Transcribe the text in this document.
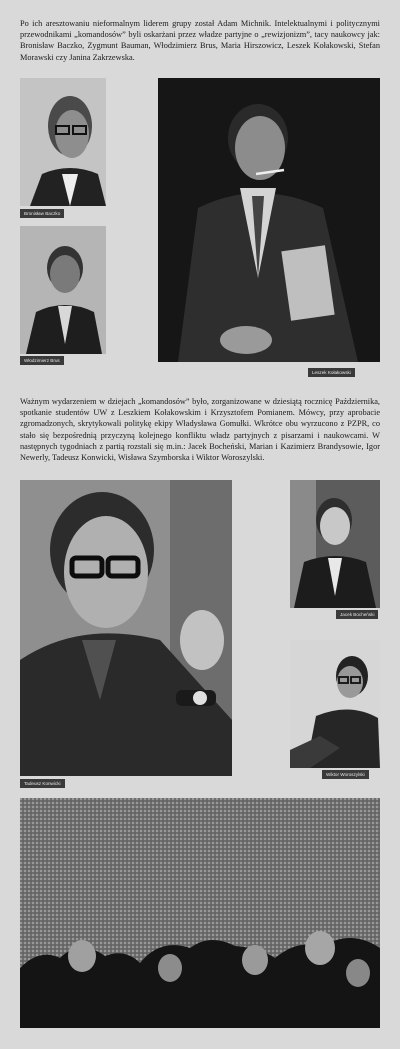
Po ich aresztowaniu nieformalnym liderem grupy został Adam Michnik. Intelektualnymi i politycznymi przewodnikami „komandosów” byli oskarżani przez władze partyjne o „rewizjonizm”, tacy naukowcy jak: Bronisław Baczko, Zygmunt Bauman, Włodzimierz Brus, Maria Hirszowicz, Leszek Kołakowski, Stefan Morawski czy Janina Zakrzewska.

Bronisław Baczko
Włodzimierz Brus
Leszek Kołakowski

Ważnym wydarzeniem w dziejach „komandosów” było, zorganizowane w dziesiątą rocznicę Października, spotkanie studentów UW z Leszkiem Kołakowskim i Krzysztofem Pomianem. Mówcy, przy aprobacie zgromadzonych, skrytykowali politykę ekipy Władysława Gomułki. Wkrótce obu wyrzucono z PZPR, co stało się bezpośrednią przyczyną kolejnego konfliktu władz partyjnych z pisarzami i naukowcami. W następnych tygodniach z partią rozstali się m.in.: Jacek Bocheński, Marian i Kazimierz Brandysowie, Igor Newerly, Tadeusz Konwicki, Wisława Szymborska i Wiktor Woroszylski.

Tadeusz Konwicki
Jacek Bocheński
Wiktor Woroszylski
